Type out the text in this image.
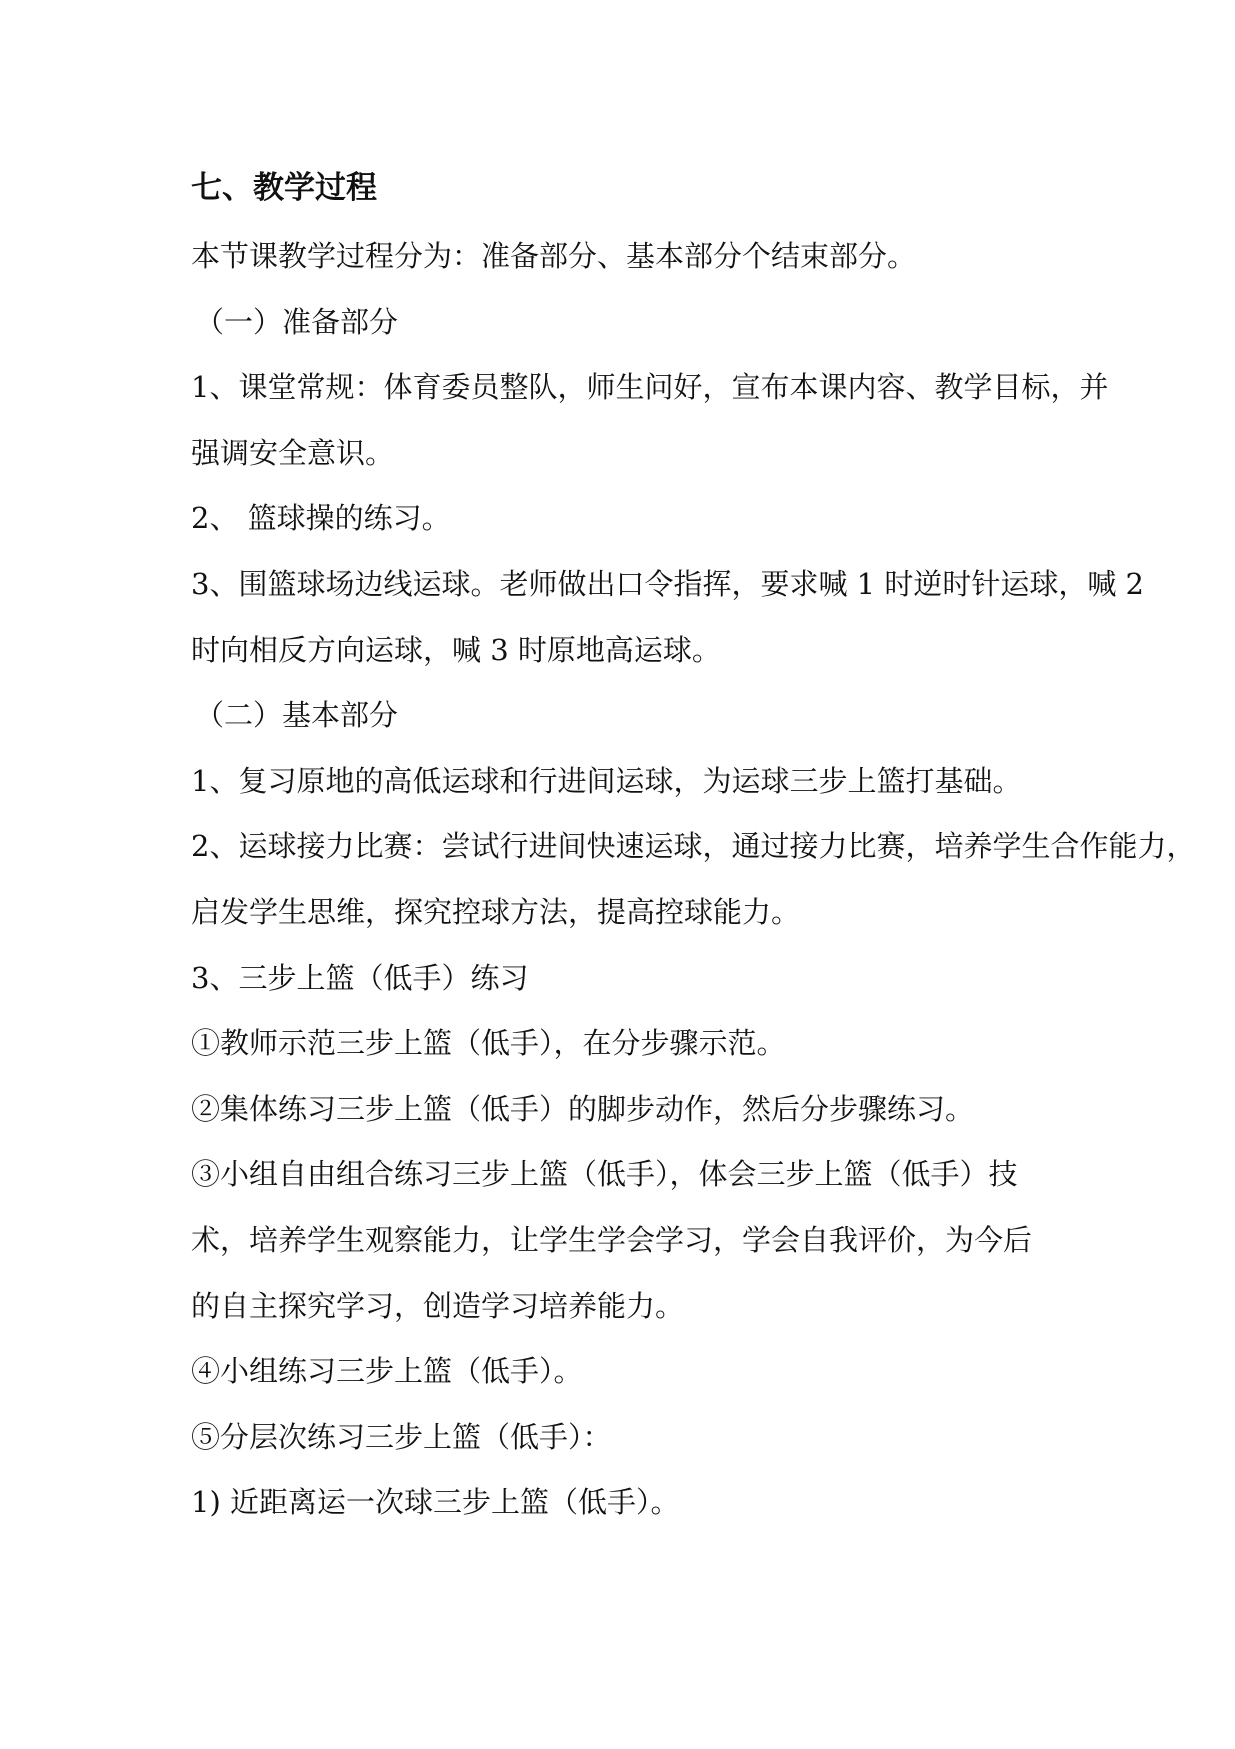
七、教学过程
本节课教学过程分为：准备部分、基本部分个结束部分。
（一）准备部分
1、课堂常规：体育委员整队，师生问好，宣布本课内容、教学目标，并
强调安全意识。
2、 篮球操的练习。
3、围篮球场边线运球。老师做出口令指挥，要求喊 1 时逆时针运球，喊 2
时向相反方向运球，喊 3 时原地高运球。
（二）基本部分
1、复习原地的高低运球和行进间运球，为运球三步上篮打基础。
2、运球接力比赛：尝试行进间快速运球，通过接力比赛，培养学生合作能力，
启发学生思维，探究控球方法，提高控球能力。
3、三步上篮（低手）练习
①教师示范三步上篮（低手），在分步骤示范。
②集体练习三步上篮（低手）的脚步动作，然后分步骤练习。
③小组自由组合练习三步上篮（低手），体会三步上篮（低手）技
术，培养学生观察能力，让学生学会学习，学会自我评价，为今后
的自主探究学习，创造学习培养能力。
④小组练习三步上篮（低手）。
⑤分层次练习三步上篮（低手）：
1) 近距离运一次球三步上篮（低手）。
